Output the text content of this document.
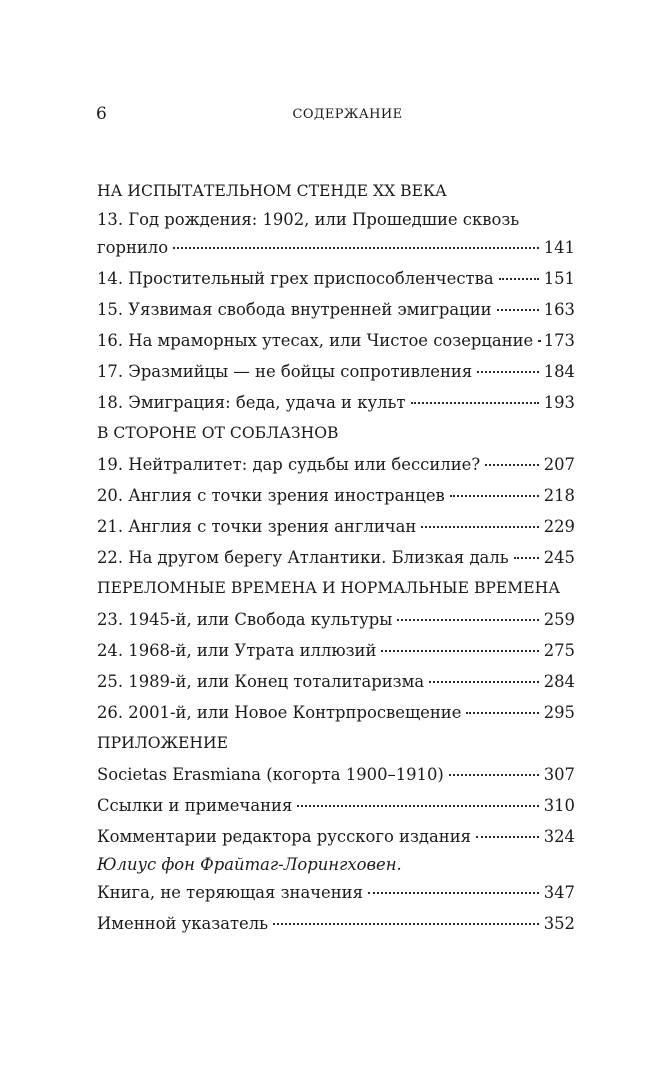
6	СОДЕРЖАНИЕ
НА ИСПЫТАТЕЛЬНОМ СТЕНДЕ ХХ ВЕКА
13. Год рождения: 1902, или Прошедшие сквозь
горнило	141
14. Простительный грех приспособленчества	151
15. Уязвимая свобода внутренней эмиграции	163
16. На мраморных утесах, или Чистое созерцание 173
17. Эразмийцы — не бойцы сопротивления	184
18. Эмиграция: беда, удача и культ	193
В СТОРОНЕ ОТ СОБЛАЗНОВ
19. Нейтралитет: дар судьбы или бессилие?	207
20. Англия с точки зрения иностранцев	218
21. Англия с точки зрения англичан	229
22. На другом берегу Атлантики. Близкая даль 245
ПЕРЕЛОМНЫЕ ВРЕМЕНА И НОРМАЛЬНЫЕ ВРЕМЕНА
23. 1945-й, или Свобода культуры	259
24. 1968-й, или Утрата иллюзий	275
25. 1989-й, или Конец тоталитаризма	284
26. 2001-й, или Новое Контрпросвещение	295
ПРИЛОЖЕНИЕ
Societas Erasmiana (когорта 1900–1910)	307
Ссылки и примечания	310
Комментарии редактора русского издания	324
Юлиус фон Фрайтаг-Лорингховен.
Книга, не теряющая значения	347
Именной указатель	352
